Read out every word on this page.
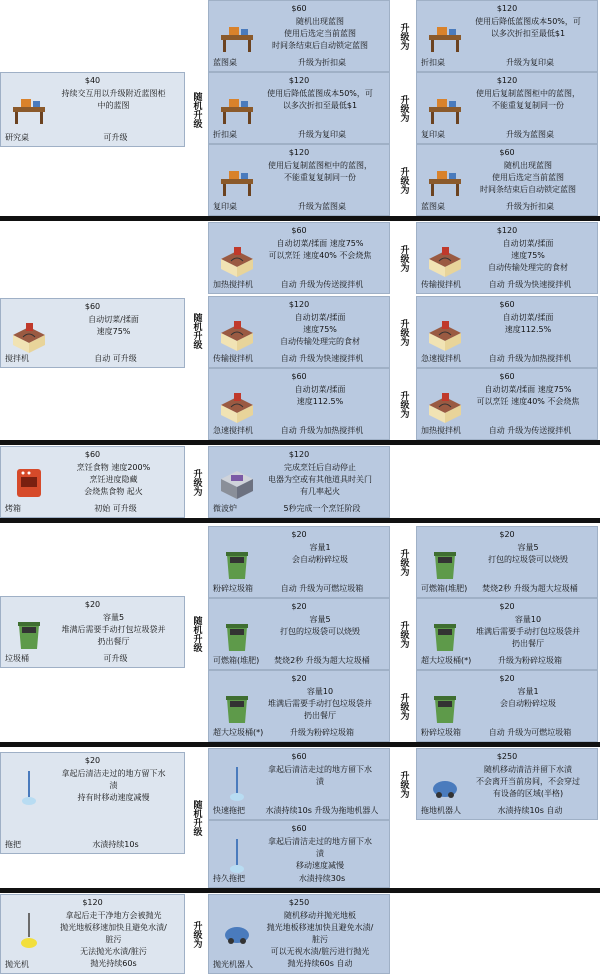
$40
持续交互用以升级附近蓝图柜
中的蓝图
研究桌	可升级
随机升级
$60
随机出现蓝图
使用后选定当前蓝图
时间条结束后自动锁定蓝图
蓝图桌	升级为折扣桌
升级为
$120
使用后降低蓝图成本50%，可
以多次折扣至最低$1
折扣桌	升级为复印桌
$120
使用后降低蓝图成本50%，可
以多次折扣至最低$1
折扣桌	升级为复印桌
升级为
$120
使用后复制蓝图柜中的蓝图，
不能重复复制同一份
复印桌	升级为蓝图桌
$120
使用后复制蓝图柜中的蓝图，
不能重复复制同一份
复印桌	升级为蓝图桌
升级为
$60
随机出现蓝图
使用后选定当前蓝图
时间条结束后自动锁定蓝图
蓝图桌	升级为折扣桌
$60
自动切菜/揉面
速度75%
搅拌机	自动 可升级
随机升级
$60
自动切菜/揉面 速度75%
可以烹饪 速度40% 不会烧焦
加热搅拌机	自动 升级为传送搅拌机
升级为
$120
自动切菜/揉面
速度75%
自动传输处理完的食材
传输搅拌机	自动 升级为快速搅拌机
$120
自动切菜/揉面
速度75%
自动传输处理完的食材
传输搅拌机	自动 升级为快速搅拌机
升级为
$60
自动切菜/揉面
速度112.5%
急速搅拌机	自动 升级为加热搅拌机
$60
自动切菜/揉面
速度112.5%
急速搅拌机	自动 升级为加热搅拌机
升级为
$60
自动切菜/揉面 速度75%
可以烹饪 速度40% 不会烧焦
加热搅拌机	自动 升级为传送搅拌机
$60
烹饪食物 速度200%
烹饪进度隐藏
会烧焦食物 起火
烤箱	初始 可升级
升级为
$120
完成烹饪后自动停止
电器为空或有其他道具时关门
有几率起火
微波炉	5秒完成一个烹饪阶段
$20
容量5
堆满后需要手动打包垃圾袋并
扔出餐厅
垃圾桶	可升级
随机升级
$20
容量1
会自动粉碎垃圾
粉碎垃圾箱	自动 升级为可燃垃圾箱
升级为
$20
容量5
打包的垃圾袋可以烧毁
可燃箱(堆肥)	焚烧2秒 升级为超大垃圾桶
$20
容量5
打包的垃圾袋可以烧毁
可燃箱(堆肥)	焚烧2秒 升级为超大垃圾桶
升级为
$20
容量10
堆满后需要手动打包垃圾袋并
扔出餐厅
超大垃圾桶(*)	升级为粉碎垃圾箱
$20
容量10
堆满后需要手动打包垃圾袋并
扔出餐厅
超大垃圾桶(*)	升级为粉碎垃圾箱
升级为
$20
容量1
会自动粉碎垃圾
粉碎垃圾箱	自动 升级为可燃垃圾箱
$20
拿起后清洁走过的地方留下水
渍
持有时移动速度减慢
拖把	水渍持续10s
随机升级
$60
拿起后清洁走过的地方留下水
渍
快速拖把	水渍持续10s 升级为拖地机器人
升级为
$250
随机移动清洁并留下水渍
不会离开当前房间，不会穿过
有设备的区域(半格)
拖地机器人	水渍持续10s 自动
$60
拿起后清洁走过的地方留下水
渍
移动速度减慢
持久拖把	水渍持续30s
$120
拿起后走干净地方会被抛光
抛光地板移速加快且避免水渍/
脏污
无法抛光水渍/脏污
抛光持续60s
抛光机
升级为
$250
随机移动并抛光地板
抛光地板移速加快且避免水渍/
脏污
可以无视水渍/脏污进行抛光
抛光持续60s 自动
抛光机器人
